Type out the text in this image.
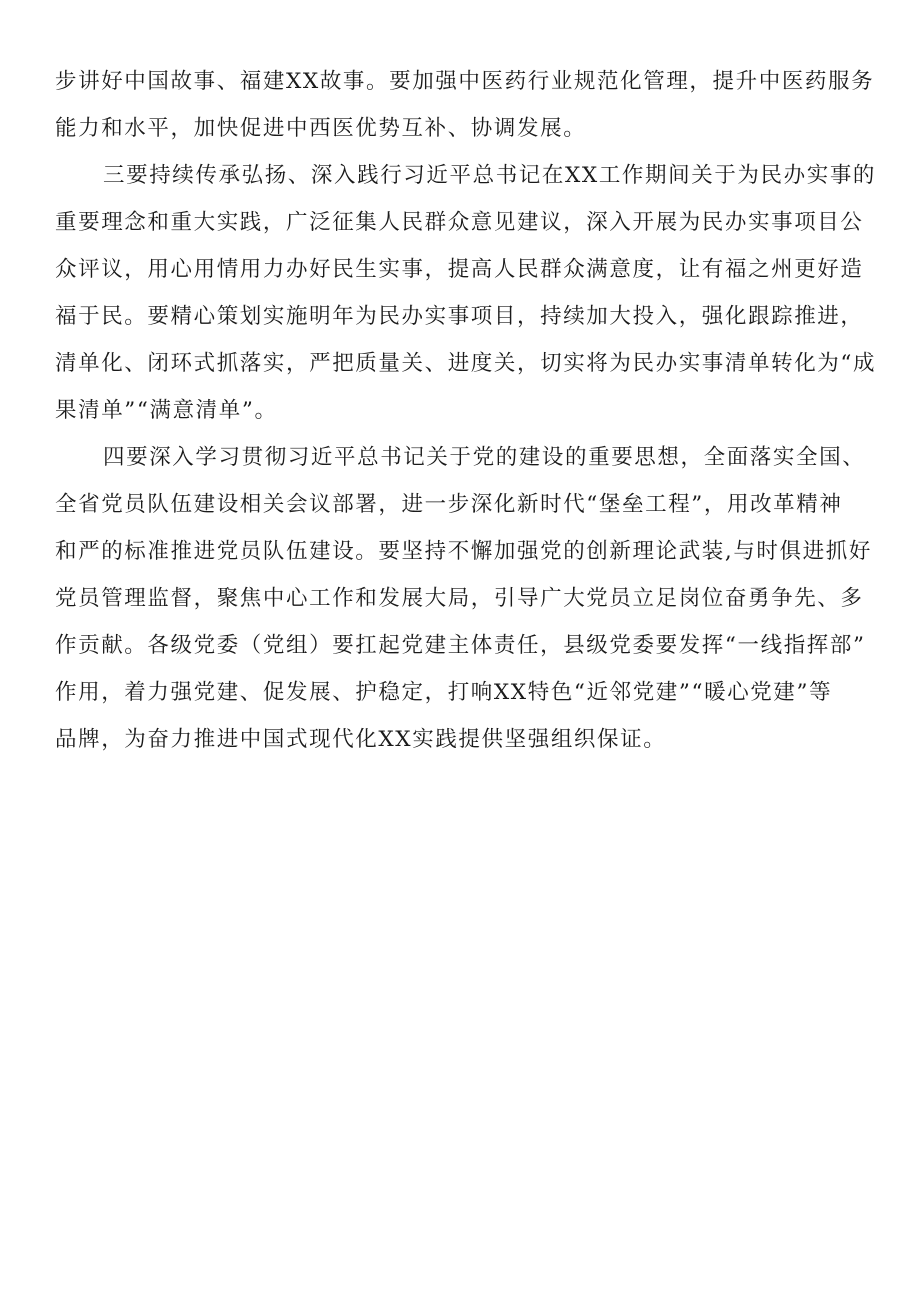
步讲好中国故事、福建XX故事。要加强中医药行业规范化管理，提升中医药服务
能力和水平，加快促进中西医优势互补、协调发展。
三要持续传承弘扬、深入践行习近平总书记在XX工作期间关于为民办实事的
重要理念和重大实践，广泛征集人民群众意见建议，深入开展为民办实事项目公
众评议，用心用情用力办好民生实事，提高人民群众满意度，让有福之州更好造
福于民。要精心策划实施明年为民办实事项目，持续加大投入，强化跟踪推进，
清单化、闭环式抓落实，严把质量关、进度关，切实将为民办实事清单转化为“成
果清单”“满意清单”。
四要深入学习贯彻习近平总书记关于党的建设的重要思想，全面落实全国、
全省党员队伍建设相关会议部署，进一步深化新时代“堡垒工程”，用改革精神
和严的标准推进党员队伍建设。要坚持不懈加强党的创新理论武装,与时俱进抓好
党员管理监督，聚焦中心工作和发展大局，引导广大党员立足岗位奋勇争先、多
作贡献。各级党委（党组）要扛起党建主体责任，县级党委要发挥“一线指挥部”
作用，着力强党建、促发展、护稳定，打响XX特色“近邻党建”“暖心党建”等
品牌，为奋力推进中国式现代化XX实践提供坚强组织保证。
